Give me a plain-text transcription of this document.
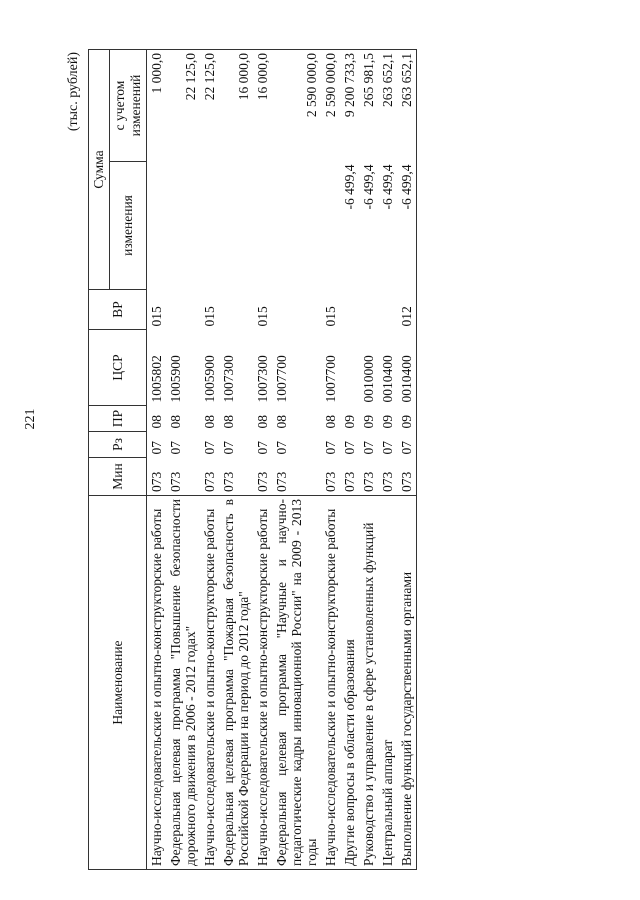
221
(тыс. рублей)
Наименование	Мин	Рз	ПР	ЦСР	ВР	Сумма	
						изменения	с учетом изменений
Научно-исследовательские и опытно-конструкторские работы	073	07	08	1005802	015		1 000,0
Федеральная целевая программа "Повышение безопасности дорожного движения в 2006 - 2012 годах"	073	07	08	1005900			22 125,0
Научно-исследовательские и опытно-конструкторские работы	073	07	08	1005900	015		22 125,0
Федеральная целевая программа "Пожарная безопасность в Российской Федерации на период до 2012 года"	073	07	08	1007300			16 000,0
Научно-исследовательские и опытно-конструкторские работы	073	07	08	1007300	015		16 000,0
Федеральная целевая программа "Научные и научно-педагогические кадры инновационной России" на 2009 - 2013 годы	073	07	08	1007700			2 590 000,0
Научно-исследовательские и опытно-конструкторские работы	073	07	08	1007700	015		2 590 000,0
Другие вопросы в области образования	073	07	09			-6 499,4	9 200 733,3
Руководство и управление в сфере установленных функций	073	07	09	0010000		-6 499,4	265 981,5
Центральный аппарат	073	07	09	0010400		-6 499,4	263 652,1
Выполнение функций государственными органами	073	07	09	0010400	012	-6 499,4	263 652,1
